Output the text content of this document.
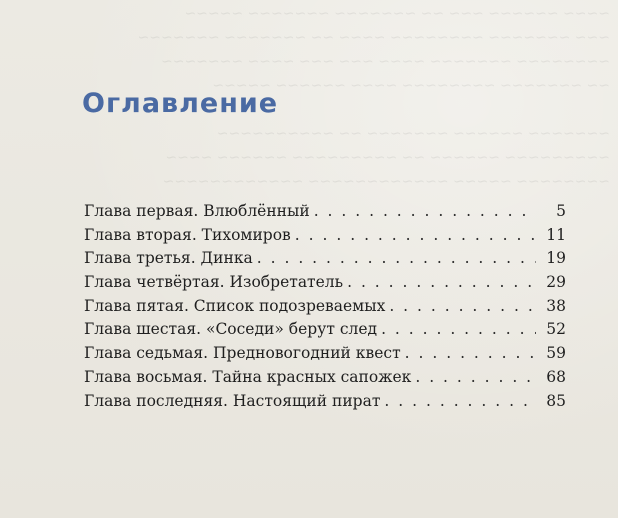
~~~~ ~~~~~~ ~~~ ~~ ~~~~~~~ ~~~~~~~ ~~~~~
~~~ ~~~~~~~ ~~~~~~~~ ~~~~ ~~ ~~~~~~~ ~~~~~~~
~~~~~~~~ ~~~~~~~ ~~~~ ~~~ ~~~ ~~~~ ~~~~~~~
~~ ~~~~~~~ ~~~~~~~~ ~~~~ ~~~~~~ ~~~~~
~~~~~~~ ~~~~~~ ~~~~~~~ ~~ ~~~~~~~~~~
~~~~~~~~~ ~~~~~~ ~~ ~~~~~~~~~ ~~~~~~ ~~~~
~~~~~~~~ ~~~~~ ~~~~~~~~~~~~ ~~~~~~~~~~~~
Оглавление
Глава первая. Влюблённый . . .	5
Глава вторая. Тихомиров . . .	11
Глава третья. Динка . . .	19
Глава четвёртая. Изобретатель . . .	29
Глава пятая. Список подозреваемых . . .	38
Глава шестая. «Соседи» берут след . . .	52
Глава седьмая. Предновогодний квест . . .	59
Глава восьмая. Тайна красных сапожек . . .	68
Глава последняя. Настоящий пират . . .	85
